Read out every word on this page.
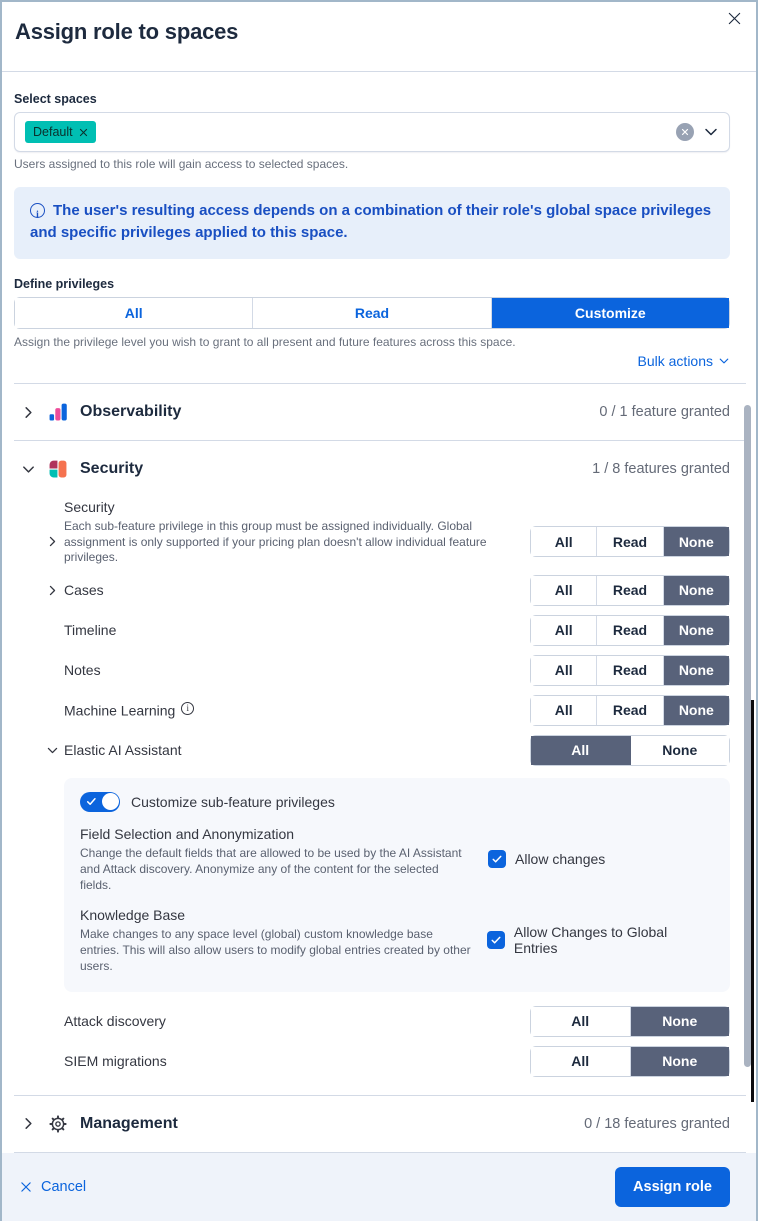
Assign role to spaces
Select spaces
Default
Users assigned to this role will gain access to selected spaces.
i The user's resulting access depends on a combination of their role's global space privileges and specific privileges applied to this space.
Define privileges
All	Read	Customize
Assign the privilege level you wish to grant to all present and future features across this space.
Bulk actions
Observability	0 / 1 feature granted
Security	1 / 8 features granted
Security
Each sub-feature privilege in this group must be assigned individually. Global assignment is only supported if your pricing plan doesn't allow individual feature privileges.
All	Read	None
Cases	All	Read	None
Timeline	All	Read	None
Notes	All	Read	None
Machine Learning i	All	Read	None
Elastic AI Assistant	All	None
Customize sub-feature privileges
Field Selection and Anonymization
Change the default fields that are allowed to be used by the AI Assistant and Attack discovery. Anonymize any of the content for the selected fields.
Allow changes
Knowledge Base
Make changes to any space level (global) custom knowledge base entries. This will also allow users to modify global entries created by other users.
Allow Changes to Global Entries
Attack discovery	All	None
SIEM migrations	All	None
Management	0 / 18 features granted
Cancel	Assign role
